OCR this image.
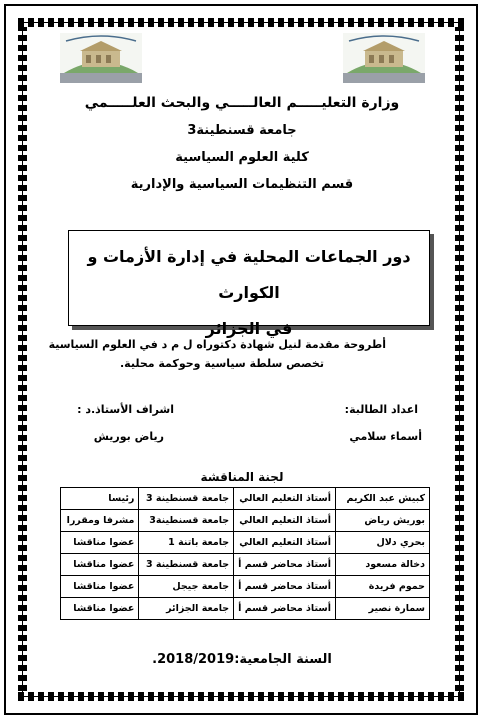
وزارة التعليـــــم العالـــــي والبحث العلـــــمي
جامعة قسنطينة3
كلية العلوم السياسية
قسم التنظيمات السياسية والإدارية
دور الجماعات المحلية في إدارة الأزمات و الكوارث
في الجزائر
أطروحة مقدمة لنيل شهادة دكتوراه ل م د في العلوم السياسية
تخصص سلطة سياسية وحوكمة محلية.
اعداد الطالبة:
اشراف الأستاذ.د :
أسماء سلامي
رياض بوريش
لجنة المناقشة
كبيش عبد الكريم	أستاذ التعليم العالي	جامعة قسنطينة 3	رئيسا
بوريش رياض	أستاذ التعليم العالي	جامعة قسنطينة3	مشرفا ومقررا
بحري دلال	أستاذ التعليم العالي	جامعة باتنة 1	عضوا مناقشا
دخالة مسعود	أستاذ محاضر قسم أ	جامعة قسنطينة 3	عضوا مناقشا
حموم فريدة	أستاذ محاضر قسم أ	جامعة جيجل	عضوا مناقشا
سمارة نصير	أستاذ محاضر قسم أ	جامعة الجزائر	عضوا مناقشا
السنة الجامعية:2018/2019.
